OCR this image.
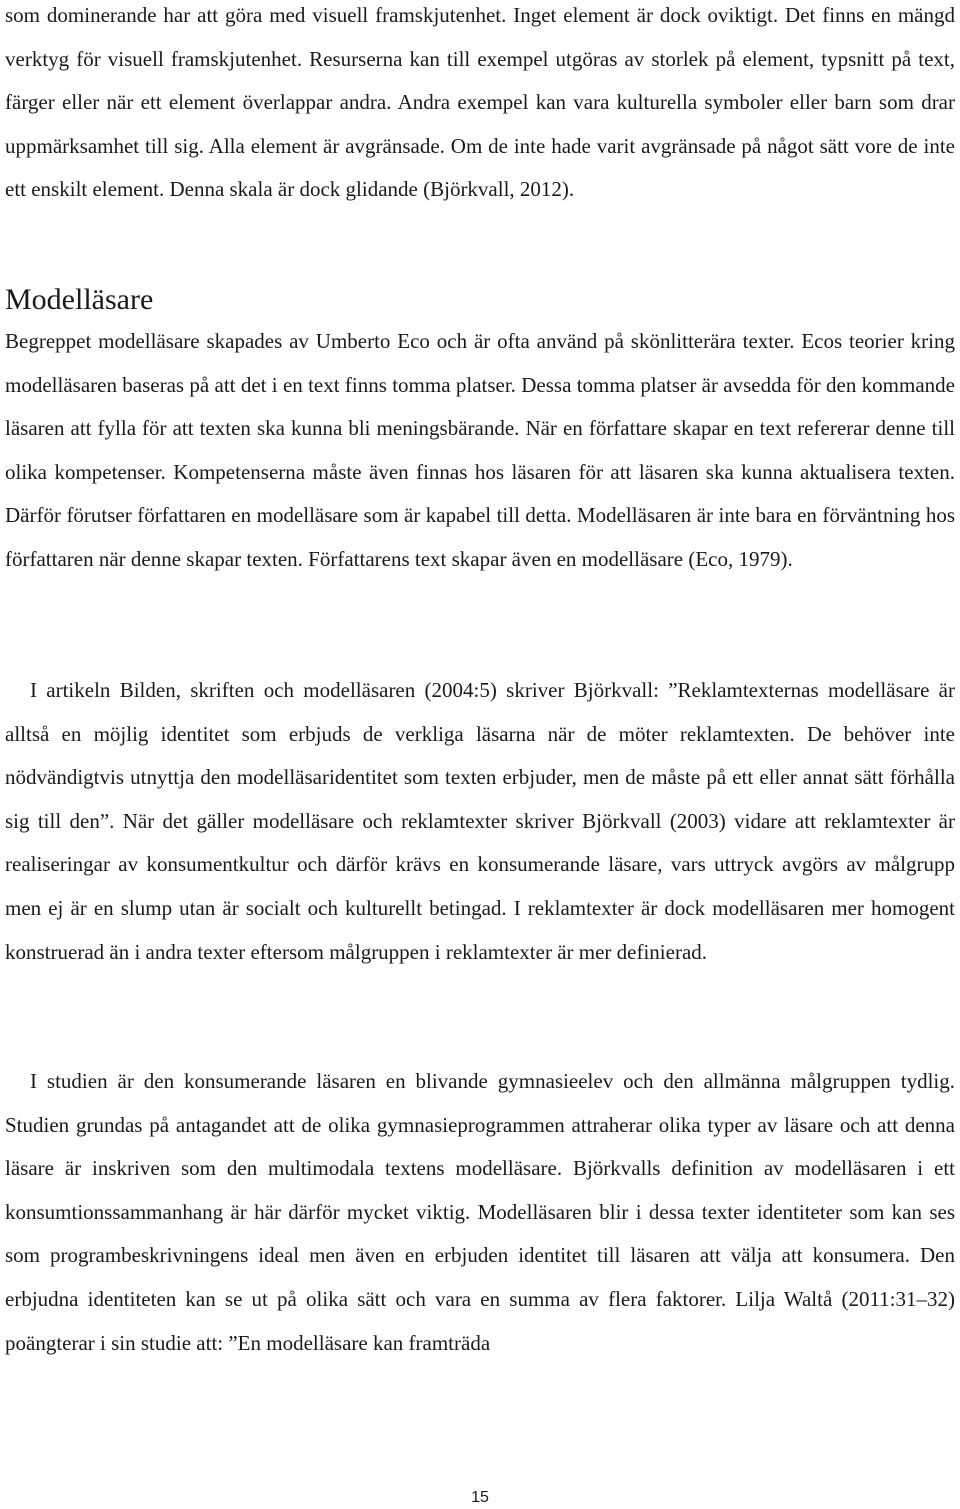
som dominerande har att göra med visuell framskjutenhet. Inget element är dock oviktigt. Det finns en mängd verktyg för visuell framskjutenhet. Resurserna kan till exempel utgöras av storlek på element, typsnitt på text, färger eller när ett element överlappar andra. Andra exempel kan vara kulturella symboler eller barn som drar uppmärksamhet till sig. Alla element är avgränsade. Om de inte hade varit avgränsade på något sätt vore de inte ett enskilt element. Denna skala är dock glidande (Björkvall, 2012).

Modelläsare

Begreppet modelläsare skapades av Umberto Eco och är ofta använd på skönlitterära texter. Ecos teorier kring modelläsaren baseras på att det i en text finns tomma platser. Dessa tomma platser är avsedda för den kommande läsaren att fylla för att texten ska kunna bli meningsbärande. När en författare skapar en text refererar denne till olika kompetenser. Kompetenserna måste även finnas hos läsaren för att läsaren ska kunna aktualisera texten. Därför förutser författaren en modelläsare som är kapabel till detta. Modelläsaren är inte bara en förväntning hos författaren när denne skapar texten. Författarens text skapar även en modelläsare (Eco, 1979).

I artikeln Bilden, skriften och modelläsaren (2004:5) skriver Björkvall: ”Reklamtexternas modelläsare är alltså en möjlig identitet som erbjuds de verkliga läsarna när de möter reklamtexten. De behöver inte nödvändigtvis utnyttja den modelläsaridentitet som texten erbjuder, men de måste på ett eller annat sätt förhålla sig till den”. När det gäller modelläsare och reklamtexter skriver Björkvall (2003) vidare att reklamtexter är realiseringar av konsumentkultur och därför krävs en konsumerande läsare, vars uttryck avgörs av målgrupp men ej är en slump utan är socialt och kulturellt betingad. I reklamtexter är dock modelläsaren mer homogent konstruerad än i andra texter eftersom målgruppen i reklamtexter är mer definierad.

I studien är den konsumerande läsaren en blivande gymnasieelev och den allmänna målgruppen tydlig. Studien grundas på antagandet att de olika gymnasieprogrammen attraherar olika typer av läsare och att denna läsare är inskriven som den multimodala textens modelläsare. Björkvalls definition av modelläsaren i ett konsumtionssammanhang är här därför mycket viktig. Modelläsaren blir i dessa texter identiteter som kan ses som programbeskrivningens ideal men även en erbjuden identitet till läsaren att välja att konsumera. Den erbjudna identiteten kan se ut på olika sätt och vara en summa av flera faktorer. Lilja Waltå (2011:31–32) poängterar i sin studie att: ”En modelläsare kan framträda

15
